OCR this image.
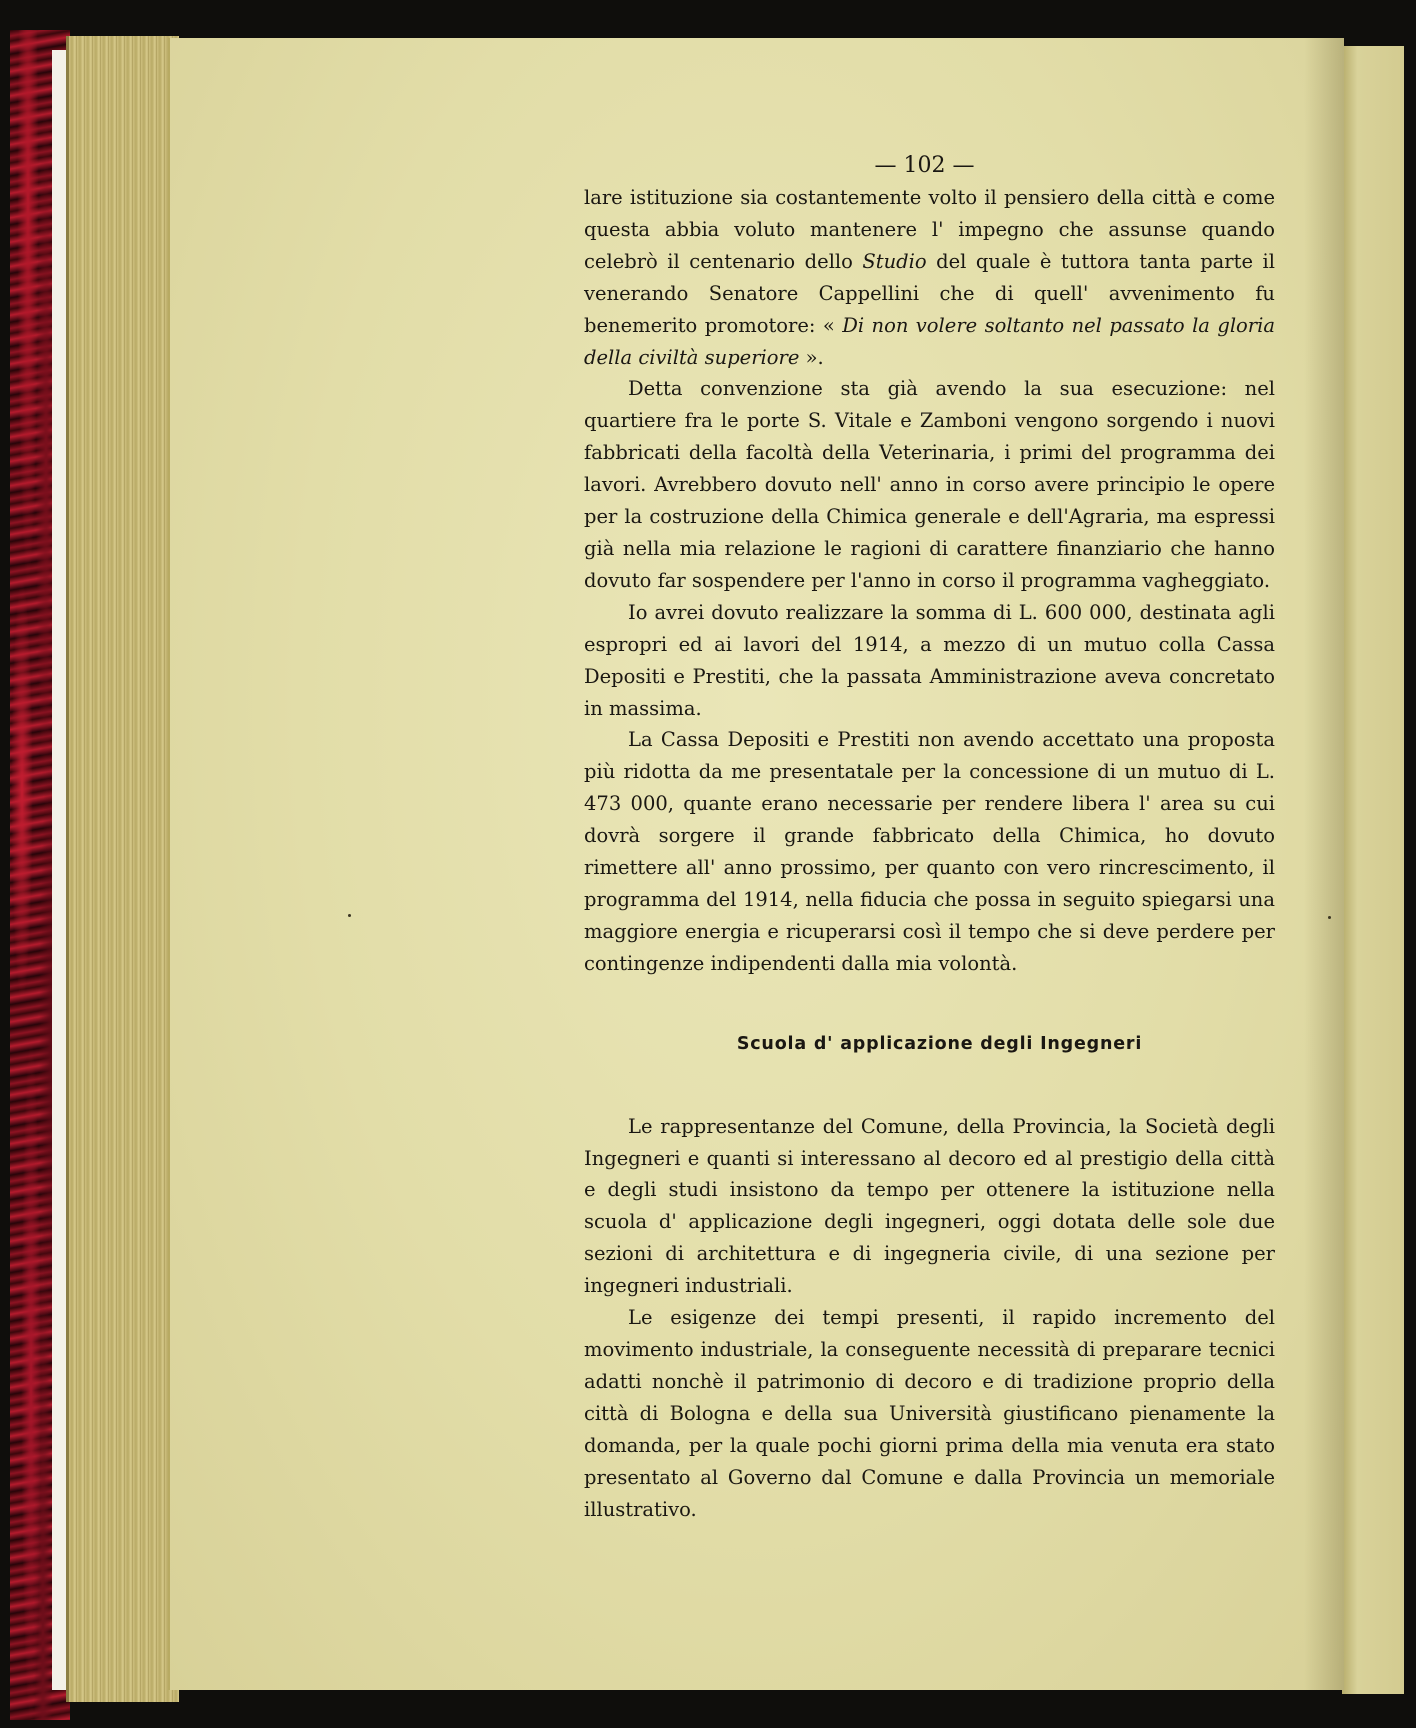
— 102 —

lare istituzione sia costantemente volto il pensiero della città e come questa abbia voluto mantenere l' impegno che assunse quando celebrò il centenario dello Studio del quale è tuttora tanta parte il venerando Senatore Cappellini che di quell' avvenimento fu benemerito promotore: « Di non volere soltanto nel passato la gloria della civiltà superiore ».

Detta convenzione sta già avendo la sua esecuzione: nel quartiere fra le porte S. Vitale e Zamboni vengono sorgendo i nuovi fabbricati della facoltà della Veterinaria, i primi del programma dei lavori. Avrebbero dovuto nell' anno in corso avere principio le opere per la costruzione della Chimica generale e dell'Agraria, ma espressi già nella mia relazione le ragioni di carattere finanziario che hanno dovuto far sospendere per l'anno in corso il programma vagheggiato.

Io avrei dovuto realizzare la somma di L. 600 000, destinata agli espropri ed ai lavori del 1914, a mezzo di un mutuo colla Cassa Depositi e Prestiti, che la passata Amministrazione aveva concretato in massima.

La Cassa Depositi e Prestiti non avendo accettato una proposta più ridotta da me presentatale per la concessione di un mutuo di L. 473 000, quante erano necessarie per rendere libera l' area su cui dovrà sorgere il grande fabbricato della Chimica, ho dovuto rimettere all' anno prossimo, per quanto con vero rincrescimento, il programma del 1914, nella fiducia che possa in seguito spiegarsi una maggiore energia e ricuperarsi così il tempo che si deve perdere per contingenze indipendenti dalla mia volontà.

Scuola d' applicazione degli Ingegneri

Le rappresentanze del Comune, della Provincia, la Società degli Ingegneri e quanti si interessano al decoro ed al prestigio della città e degli studi insistono da tempo per ottenere la istituzione nella scuola d' applicazione degli ingegneri, oggi dotata delle sole due sezioni di architettura e di ingegneria civile, di una sezione per ingegneri industriali.

Le esigenze dei tempi presenti, il rapido incremento del movimento industriale, la conseguente necessità di preparare tecnici adatti nonchè il patrimonio di decoro e di tradizione proprio della città di Bologna e della sua Università giustificano pienamente la domanda, per la quale pochi giorni prima della mia venuta era stato presentato al Governo dal Comune e dalla Provincia un memoriale illustrativo.
